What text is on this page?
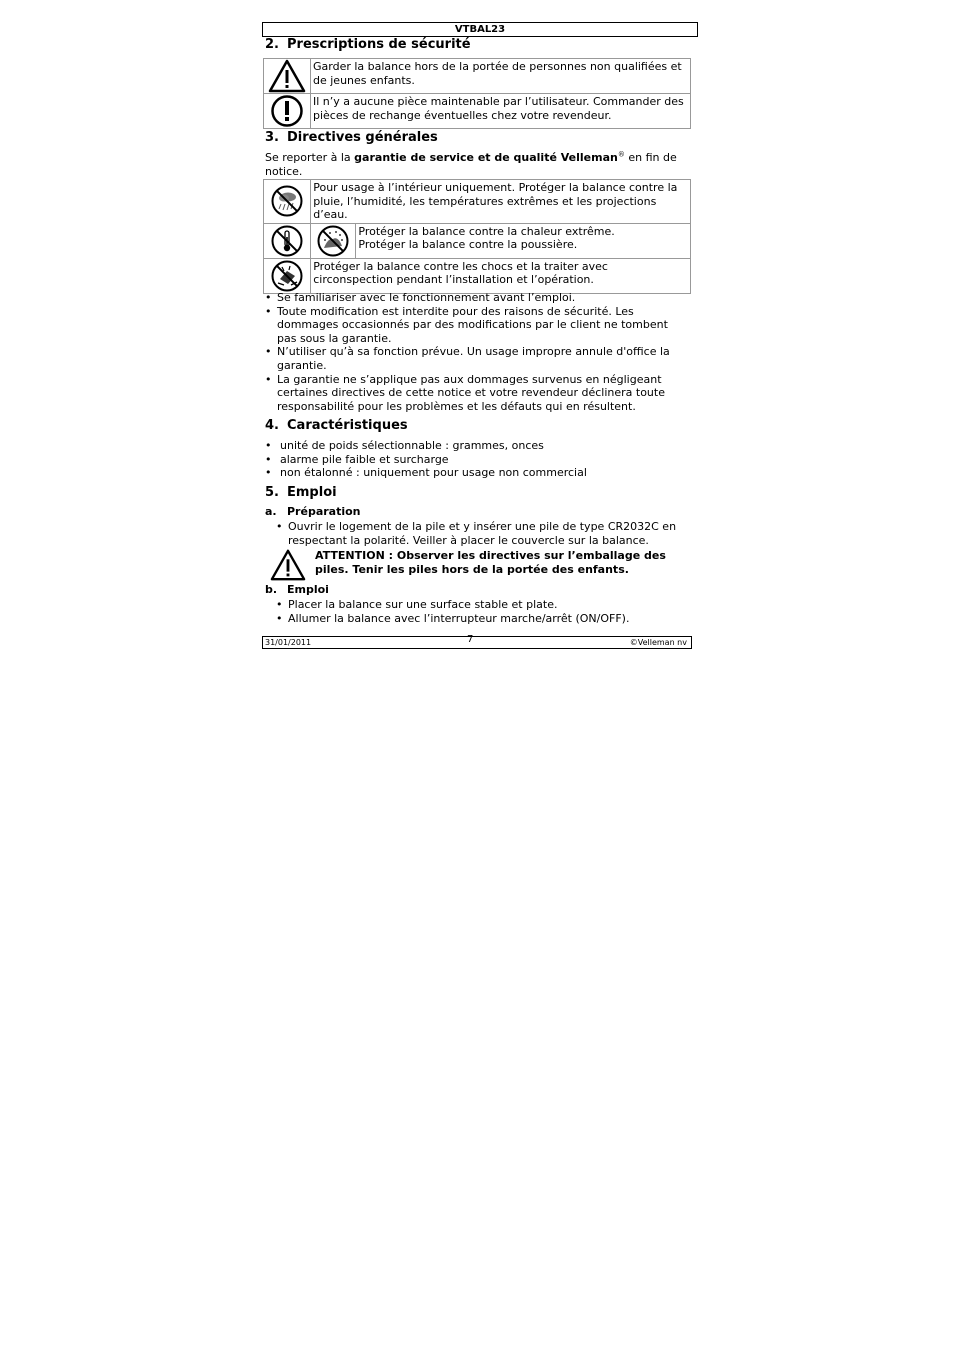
VTBAL23
2. Prescriptions de sécurité
	Garder la balance hors de la portée de personnes non qualifiées et de jeunes enfants.

	Il n’y a aucune pièce maintenable par l’utilisateur. Commander des pièces de rechange éventuelles chez votre revendeur.
3. Directives générales

Se reporter à la garantie de service et de qualité Velleman® en fin de notice.

	Pour usage à l’intérieur uniquement. Protéger la balance contre la pluie, l’humidité, les températures extrêmes et les projections d’eau.	

Protéger la balance contre la chaleur extrême.
Protéger la balance contre la poussière.

	Protéger la balance contre les chocs et la traiter avec circonspection pendant l’installation et l’opération.	
• Se familiariser avec le fonctionnement avant l’emploi.
• Toute modification est interdite pour des raisons de sécurité. Les dommages occasionnés par des modifications par le client ne tombent pas sous la garantie.
• N’utiliser qu’à sa fonction prévue. Un usage impropre annule d'office la garantie.
• La garantie ne s’applique pas aux dommages survenus en négligeant certaines directives de cette notice et votre revendeur déclinera toute responsabilité pour les problèmes et les défauts qui en résultent.
4. Caractéristiques
• unité de poids sélectionnable : grammes, onces
• alarme pile faible et surcharge
• non étalonné : uniquement pour usage non commercial
5. Emploi
a. Préparation
• Ouvrir le logement de la pile et y insérer une pile de type CR2032C en respectant la polarité. Veiller à placer le couvercle sur la balance.

ATTENTION : Observer les directives sur l’emballage des piles. Tenir les piles hors de la portée des enfants.

b. Emploi
• Placer la balance sur une surface stable et plate.
• Allumer la balance avec l’interrupteur marche/arrêt (ON/OFF).
31/01/2011	7	©Velleman nv
